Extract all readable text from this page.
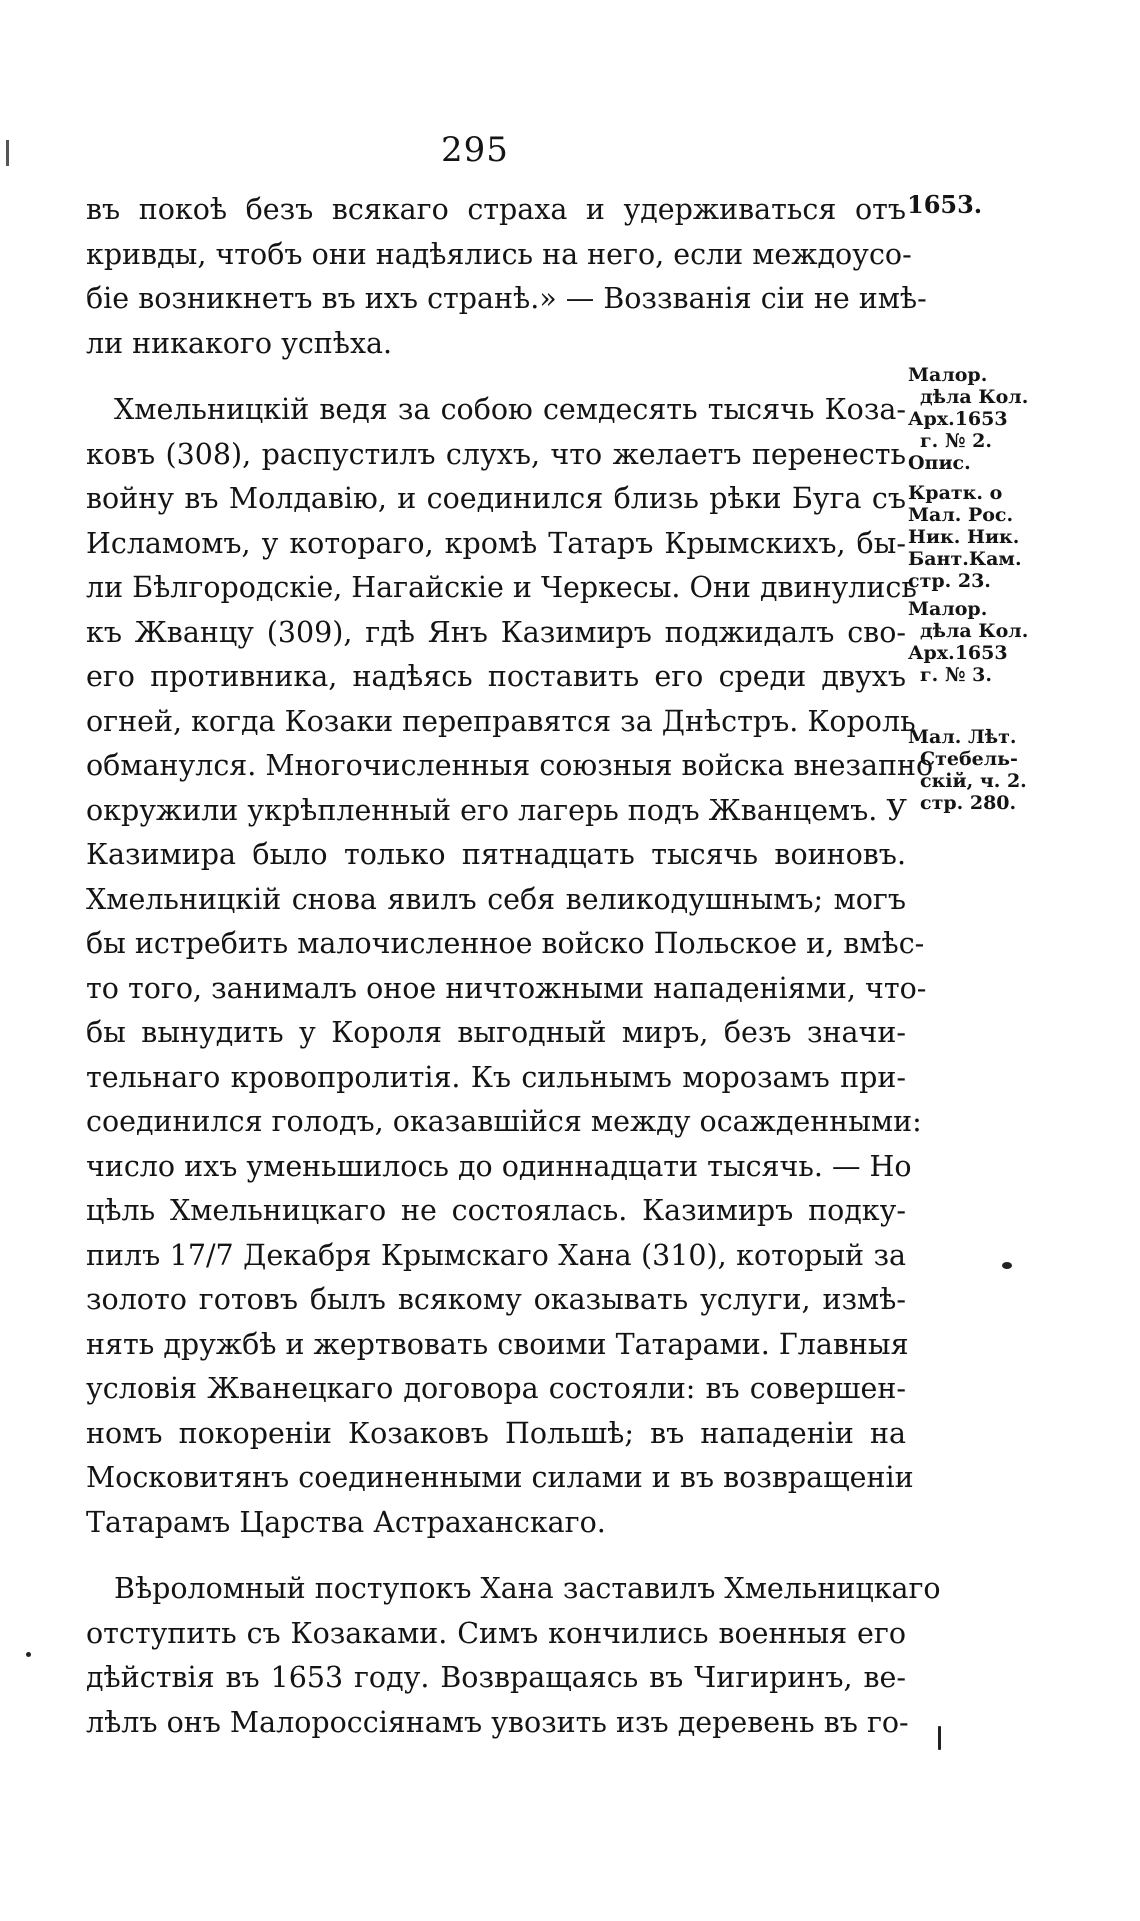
295
1653.
Малор.
дѣла Кол.
Арх.1653
г. № 2.
Опис.
Кратк. о
Мал. Рос.
Ник. Ник.
Бант.Кам.
стр. 23.
Малор.
дѣла Кол.
Арх.1653
г. № 3.
Мал. Лѣт.
Стебель-
скій, ч. 2.
стр. 280.
въ покоѣ безъ всякаго страха и удерживаться отъ
кривды, чтобъ они надѣялись на него, если междоусо-
біе возникнетъ въ ихъ странѣ.» — Воззванія сіи не имѣ-
ли никакого успѣха.
Хмельницкій ведя за собою семдесять тысячь Коза-
ковъ (308), распустилъ слухъ, что желаетъ перенесть
войну въ Молдавію, и соединился близь рѣки Буга съ
Исламомъ, у котораго, кромѣ Татаръ Крымскихъ, бы-
ли Бѣлгородскіе, Нагайскіе и Черкесы. Они двинулись
къ Жванцу (309), гдѣ Янъ Казимиръ поджидалъ сво-
его противника, надѣясь поставить его среди двухъ
огней, когда Козаки переправятся за Днѣстръ. Король
обманулся. Многочисленныя союзныя войска внезапно
окружили укрѣпленный его лагерь подъ Жванцемъ. У
Казимира было только пятнадцать тысячь воиновъ.
Хмельницкій снова явилъ себя великодушнымъ; могъ
бы истребить малочисленное войско Польское и, вмѣс-
то того, занималъ оное ничтожными нападеніями, что-
бы вынудить у Короля выгодный миръ, безъ значи-
тельнаго кровопролитія. Къ сильнымъ морозамъ при-
соединился голодъ, оказавшійся между осажденными:
число ихъ уменьшилось до одиннадцати тысячь. — Но
цѣль Хмельницкаго не состоялась. Казимиръ подку-
пилъ 17/7 Декабря Крымскаго Хана (310), который за
золото готовъ былъ всякому оказывать услуги, измѣ-
нять дружбѣ и жертвовать своими Татарами. Главныя
условія Жванецкаго договора состояли: въ совершен-
номъ покореніи Козаковъ Польшѣ; въ нападеніи на
Московитянъ соединенными силами и въ возвращеніи
Татарамъ Царства Астраханскаго.
Вѣроломный поступокъ Хана заставилъ Хмельницкаго
отступить съ Козаками. Симъ кончились военныя его
дѣйствія въ 1653 году. Возвращаясь въ Чигиринъ, ве-
лѣлъ онъ Малороссіянамъ увозить изъ деревень въ го-
